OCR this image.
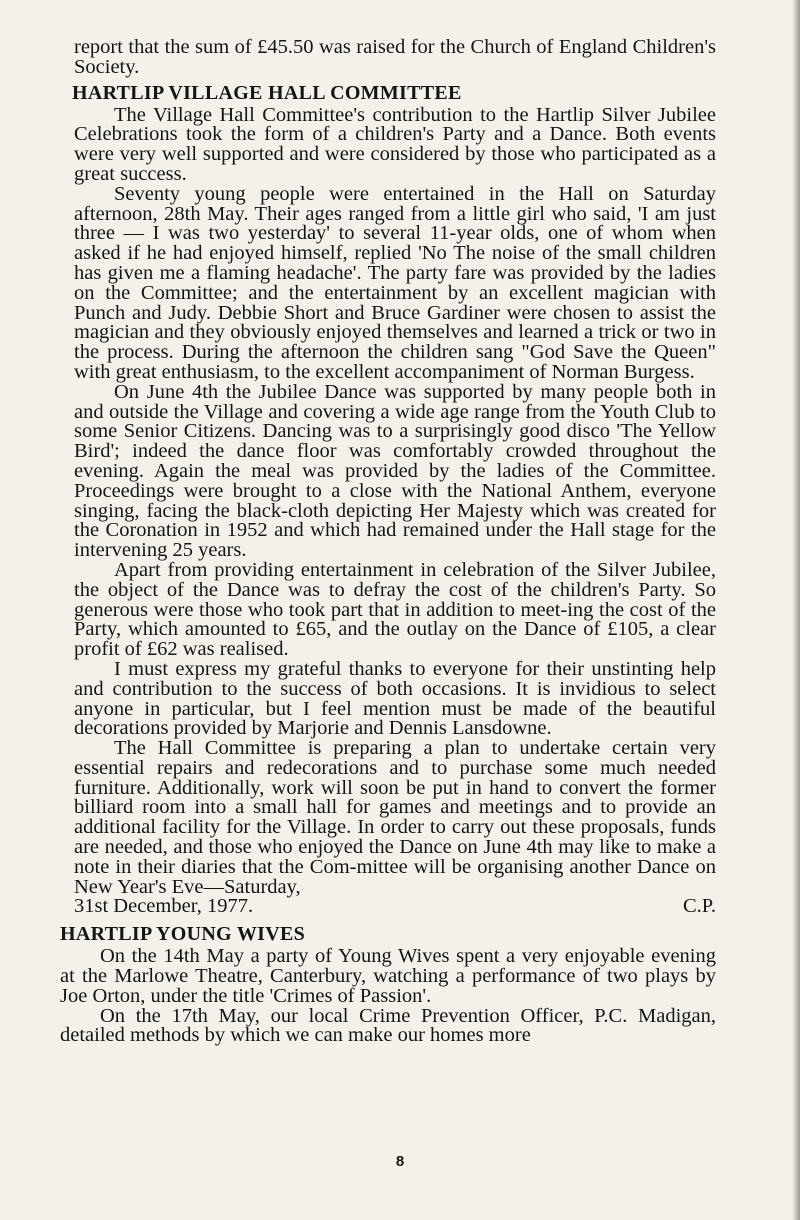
report that the sum of £45.50 was raised for the Church of England Children's Society.

HARTLIP VILLAGE HALL COMMITTEE

The Village Hall Committee's contribution to the Hartlip Silver Jubilee Celebrations took the form of a children's Party and a Dance. Both events were very well supported and were considered by those who participated as a great success.

Seventy young people were entertained in the Hall on Saturday afternoon, 28th May. Their ages ranged from a little girl who said, 'I am just three — I was two yesterday' to several 11-year olds, one of whom when asked if he had enjoyed himself, replied 'No The noise of the small children has given me a flaming headache'. The party fare was provided by the ladies on the Committee; and the entertainment by an excellent magician with Punch and Judy. Debbie Short and Bruce Gardiner were chosen to assist the magician and they obviously enjoyed themselves and learned a trick or two in the process. During the afternoon the children sang "God Save the Queen" with great enthusiasm, to the excellent accompaniment of Norman Burgess.

On June 4th the Jubilee Dance was supported by many people both in and outside the Village and covering a wide age range from the Youth Club to some Senior Citizens. Dancing was to a surprisingly good disco 'The Yellow Bird'; indeed the dance floor was comfortably crowded throughout the evening. Again the meal was provided by the ladies of the Committee. Proceedings were brought to a close with the National Anthem, everyone singing, facing the black-cloth depicting Her Majesty which was created for the Coronation in 1952 and which had remained under the Hall stage for the intervening 25 years.

Apart from providing entertainment in celebration of the Silver Jubilee, the object of the Dance was to defray the cost of the children's Party. So generous were those who took part that in addition to meet-ing the cost of the Party, which amounted to £65, and the outlay on the Dance of £105, a clear profit of £62 was realised.

I must express my grateful thanks to everyone for their unstinting help and contribution to the success of both occasions. It is invidious to select anyone in particular, but I feel mention must be made of the beautiful decorations provided by Marjorie and Dennis Lansdowne.

The Hall Committee is preparing a plan to undertake certain very essential repairs and redecorations and to purchase some much needed furniture. Additionally, work will soon be put in hand to convert the former billiard room into a small hall for games and meetings and to provide an additional facility for the Village. In order to carry out these proposals, funds are needed, and those who enjoyed the Dance on June 4th may like to make a note in their diaries that the Com-mittee will be organising another Dance on New Year's Eve—Saturday,

31st December, 1977.	C.P.
HARTLIP YOUNG WIVES

On the 14th May a party of Young Wives spent a very enjoyable evening at the Marlowe Theatre, Canterbury, watching a performance of two plays by Joe Orton, under the title 'Crimes of Passion'.

On the 17th May, our local Crime Prevention Officer, P.C. Madigan, detailed methods by which we can make our homes more

8
